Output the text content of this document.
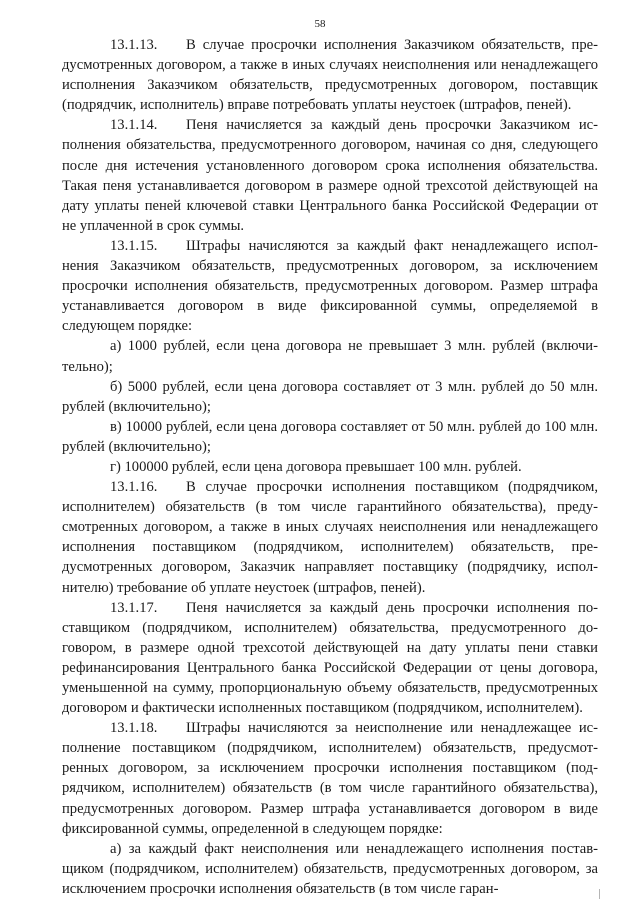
58

13.1.13. В случае просрочки исполнения Заказчиком обязательств, предусмотренных договором, а также в иных случаях неисполнения или ненадлежащего исполнения Заказчиком обязательств, предусмотренных договором, поставщик (подрядчик, исполнитель) вправе потребовать уплаты неустоек (штрафов, пеней).

13.1.14. Пеня начисляется за каждый день просрочки Заказчиком исполнения обязательства, предусмотренного договором, начиная со дня, следующего после дня истечения установленного договором срока исполнения обязательства. Такая пеня устанавливается договором в размере одной трехсотой действующей на дату уплаты пеней ключевой ставки Центрального банка Российской Федерации от не уплаченной в срок суммы.

13.1.15. Штрафы начисляются за каждый факт ненадлежащего исполнения Заказчиком обязательств, предусмотренных договором, за исключением просрочки исполнения обязательств, предусмотренных договором. Размер штрафа устанавливается договором в виде фиксированной суммы, определяемой в следующем порядке:

а) 1000 рублей, если цена договора не превышает 3 млн. рублей (включительно);

б) 5000 рублей, если цена договора составляет от 3 млн. рублей до 50 млн. рублей (включительно);

в) 10000 рублей, если цена договора составляет от 50 млн. рублей до 100 млн. рублей (включительно);

г) 100000 рублей, если цена договора превышает 100 млн. рублей.

13.1.16. В случае просрочки исполнения поставщиком (подрядчиком, исполнителем) обязательств (в том числе гарантийного обязательства), предусмотренных договором, а также в иных случаях неисполнения или ненадлежащего исполнения поставщиком (подрядчиком, исполнителем) обязательств, предусмотренных договором, Заказчик направляет поставщику (подрядчику, исполнителю) требование об уплате неустоек (штрафов, пеней).

13.1.17. Пеня начисляется за каждый день просрочки исполнения поставщиком (подрядчиком, исполнителем) обязательства, предусмотренного договором, в размере одной трехсотой действующей на дату уплаты пени ставки рефинансирования Центрального банка Российской Федерации от цены договора, уменьшенной на сумму, пропорциональную объему обязательств, предусмотренных договором и фактически исполненных поставщиком (подрядчиком, исполнителем).

13.1.18. Штрафы начисляются за неисполнение или ненадлежащее исполнение поставщиком (подрядчиком, исполнителем) обязательств, предусмотренных договором, за исключением просрочки исполнения поставщиком (подрядчиком, исполнителем) обязательств (в том числе гарантийного обязательства), предусмотренных договором. Размер штрафа устанавливается договором в виде фиксированной суммы, определенной в следующем порядке:

а) за каждый факт неисполнения или ненадлежащего исполнения поставщиком (подрядчиком, исполнителем) обязательств, предусмотренных договором, за исключением просрочки исполнения обязательств (в том числе гаран-
